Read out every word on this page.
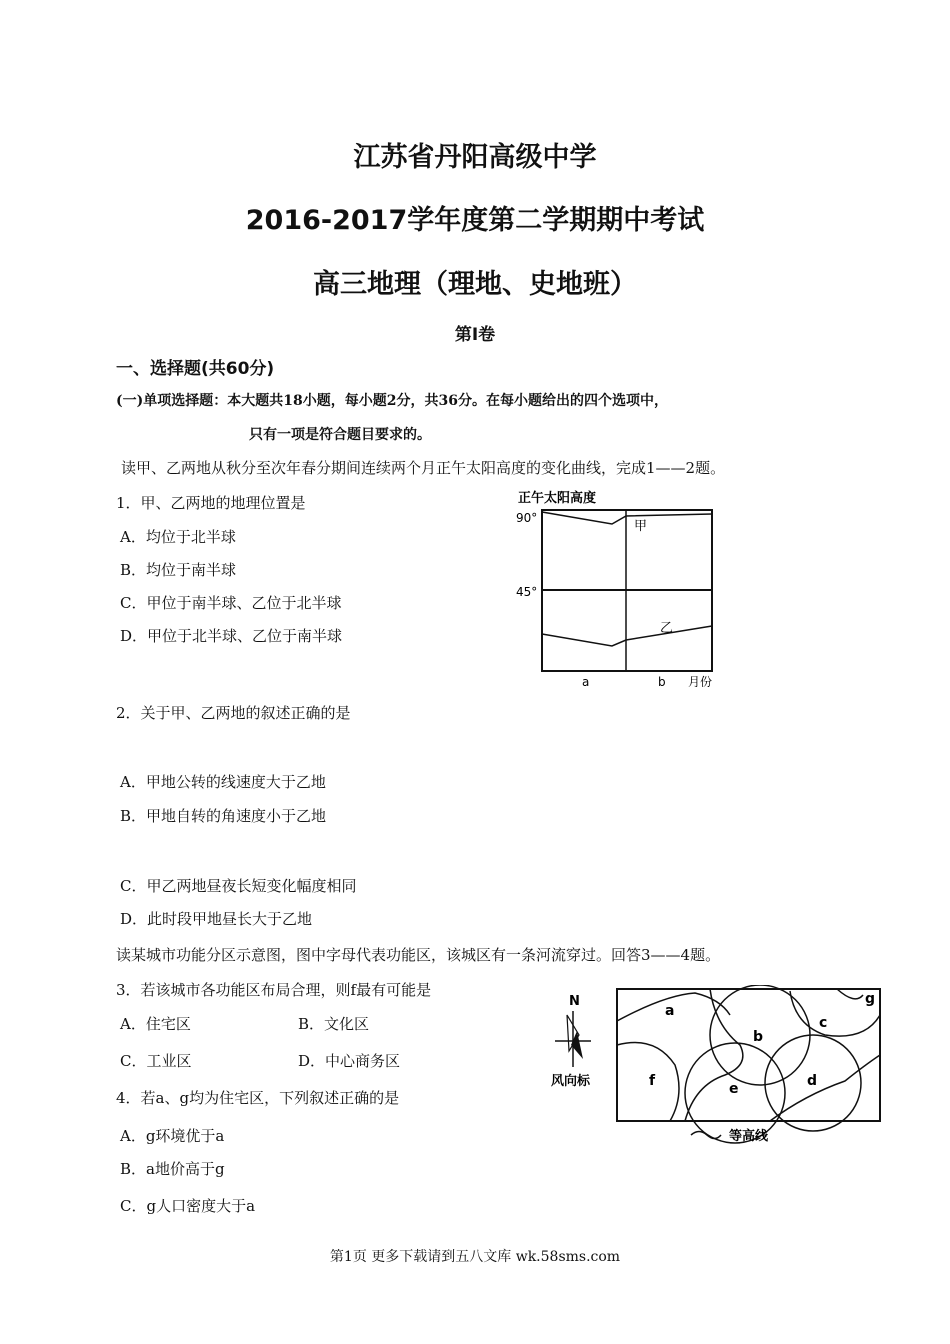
江苏省丹阳高级中学
2016-2017学年度第二学期期中考试
高三地理（理地、史地班）
第Ⅰ卷
一、选择题(共60分)
(一)单项选择题：本大题共18小题，每小题2分，共36分。在每小题给出的四个选项中，
只有一项是符合题目要求的。
读甲、乙两地从秋分至次年春分期间连续两个月正午太阳高度的变化曲线，完成1——2题。
1．甲、乙两地的地理位置是
A．均位于北半球
B．均位于南半球
C．甲位于南半球、乙位于北半球
D．甲位于北半球、乙位于南半球
正午太阳高度
90°
45°
甲
乙
a	b 月份
2．关于甲、乙两地的叙述正确的是
A．甲地公转的线速度大于乙地
B．甲地自转的角速度小于乙地
C．甲乙两地昼夜长短变化幅度相同
D．此时段甲地昼长大于乙地
读某城市功能分区示意图，图中字母代表功能区，该城区有一条河流穿过。回答3——4题。
3．若该城市各功能区布局合理，则f最有可能是
A．住宅区	B．文化区
C．工业区	D．中心商务区
4．若a、g均为住宅区，下列叙述正确的是
A．g环境优于a
B．a地价高于g
C．g人口密度大于a
N
风向标
a
b
c
d
e
f
g
等高线
第1页 更多下载请到五八文库 wk.58sms.com
